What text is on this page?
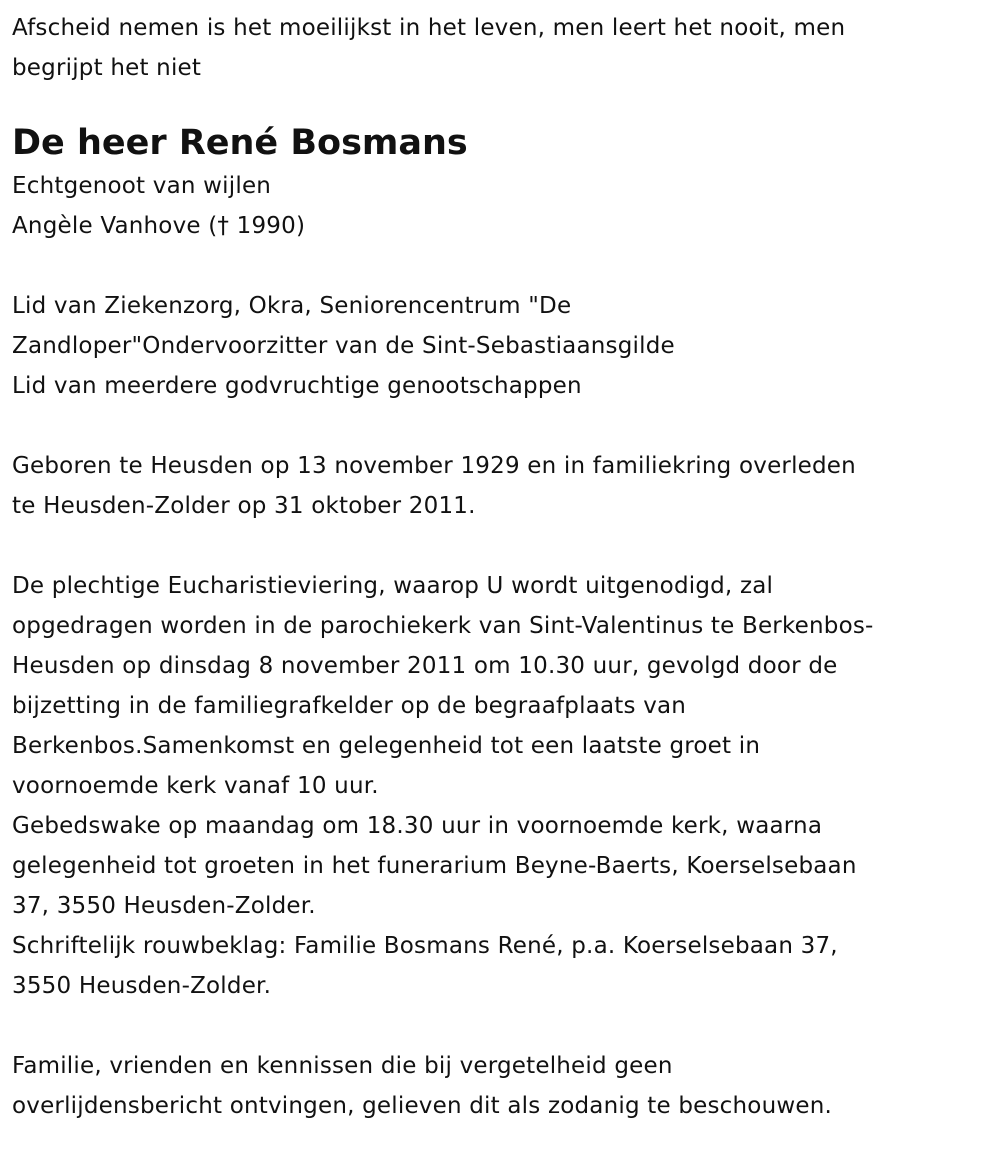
Afscheid nemen is het moeilijkst in het leven, men leert het nooit, men
begrijpt het niet
De heer René Bosmans
Echtgenoot van wijlen
Angèle Vanhove († 1990)
Lid van Ziekenzorg, Okra, Seniorencentrum "De
Zandloper"Ondervoorzitter van de Sint-Sebastiaansgilde
Lid van meerdere godvruchtige genootschappen
Geboren te Heusden op 13 november 1929 en in familiekring overleden
te Heusden-Zolder op 31 oktober 2011.
De plechtige Eucharistieviering, waarop U wordt uitgenodigd, zal
opgedragen worden in de parochiekerk van Sint-Valentinus te Berkenbos-
Heusden op dinsdag 8 november 2011 om 10.30 uur, gevolgd door de
bijzetting in de familiegrafkelder op de begraafplaats van
Berkenbos.Samenkomst en gelegenheid tot een laatste groet in
voornoemde kerk vanaf 10 uur.
Gebedswake op maandag om 18.30 uur in voornoemde kerk, waarna
gelegenheid tot groeten in het funerarium Beyne-Baerts, Koerselsebaan
37, 3550 Heusden-Zolder.
Schriftelijk rouwbeklag: Familie Bosmans René, p.a. Koerselsebaan 37,
3550 Heusden-Zolder.
Familie, vrienden en kennissen die bij vergetelheid geen
overlijdensbericht ontvingen, gelieven dit als zodanig te beschouwen.
